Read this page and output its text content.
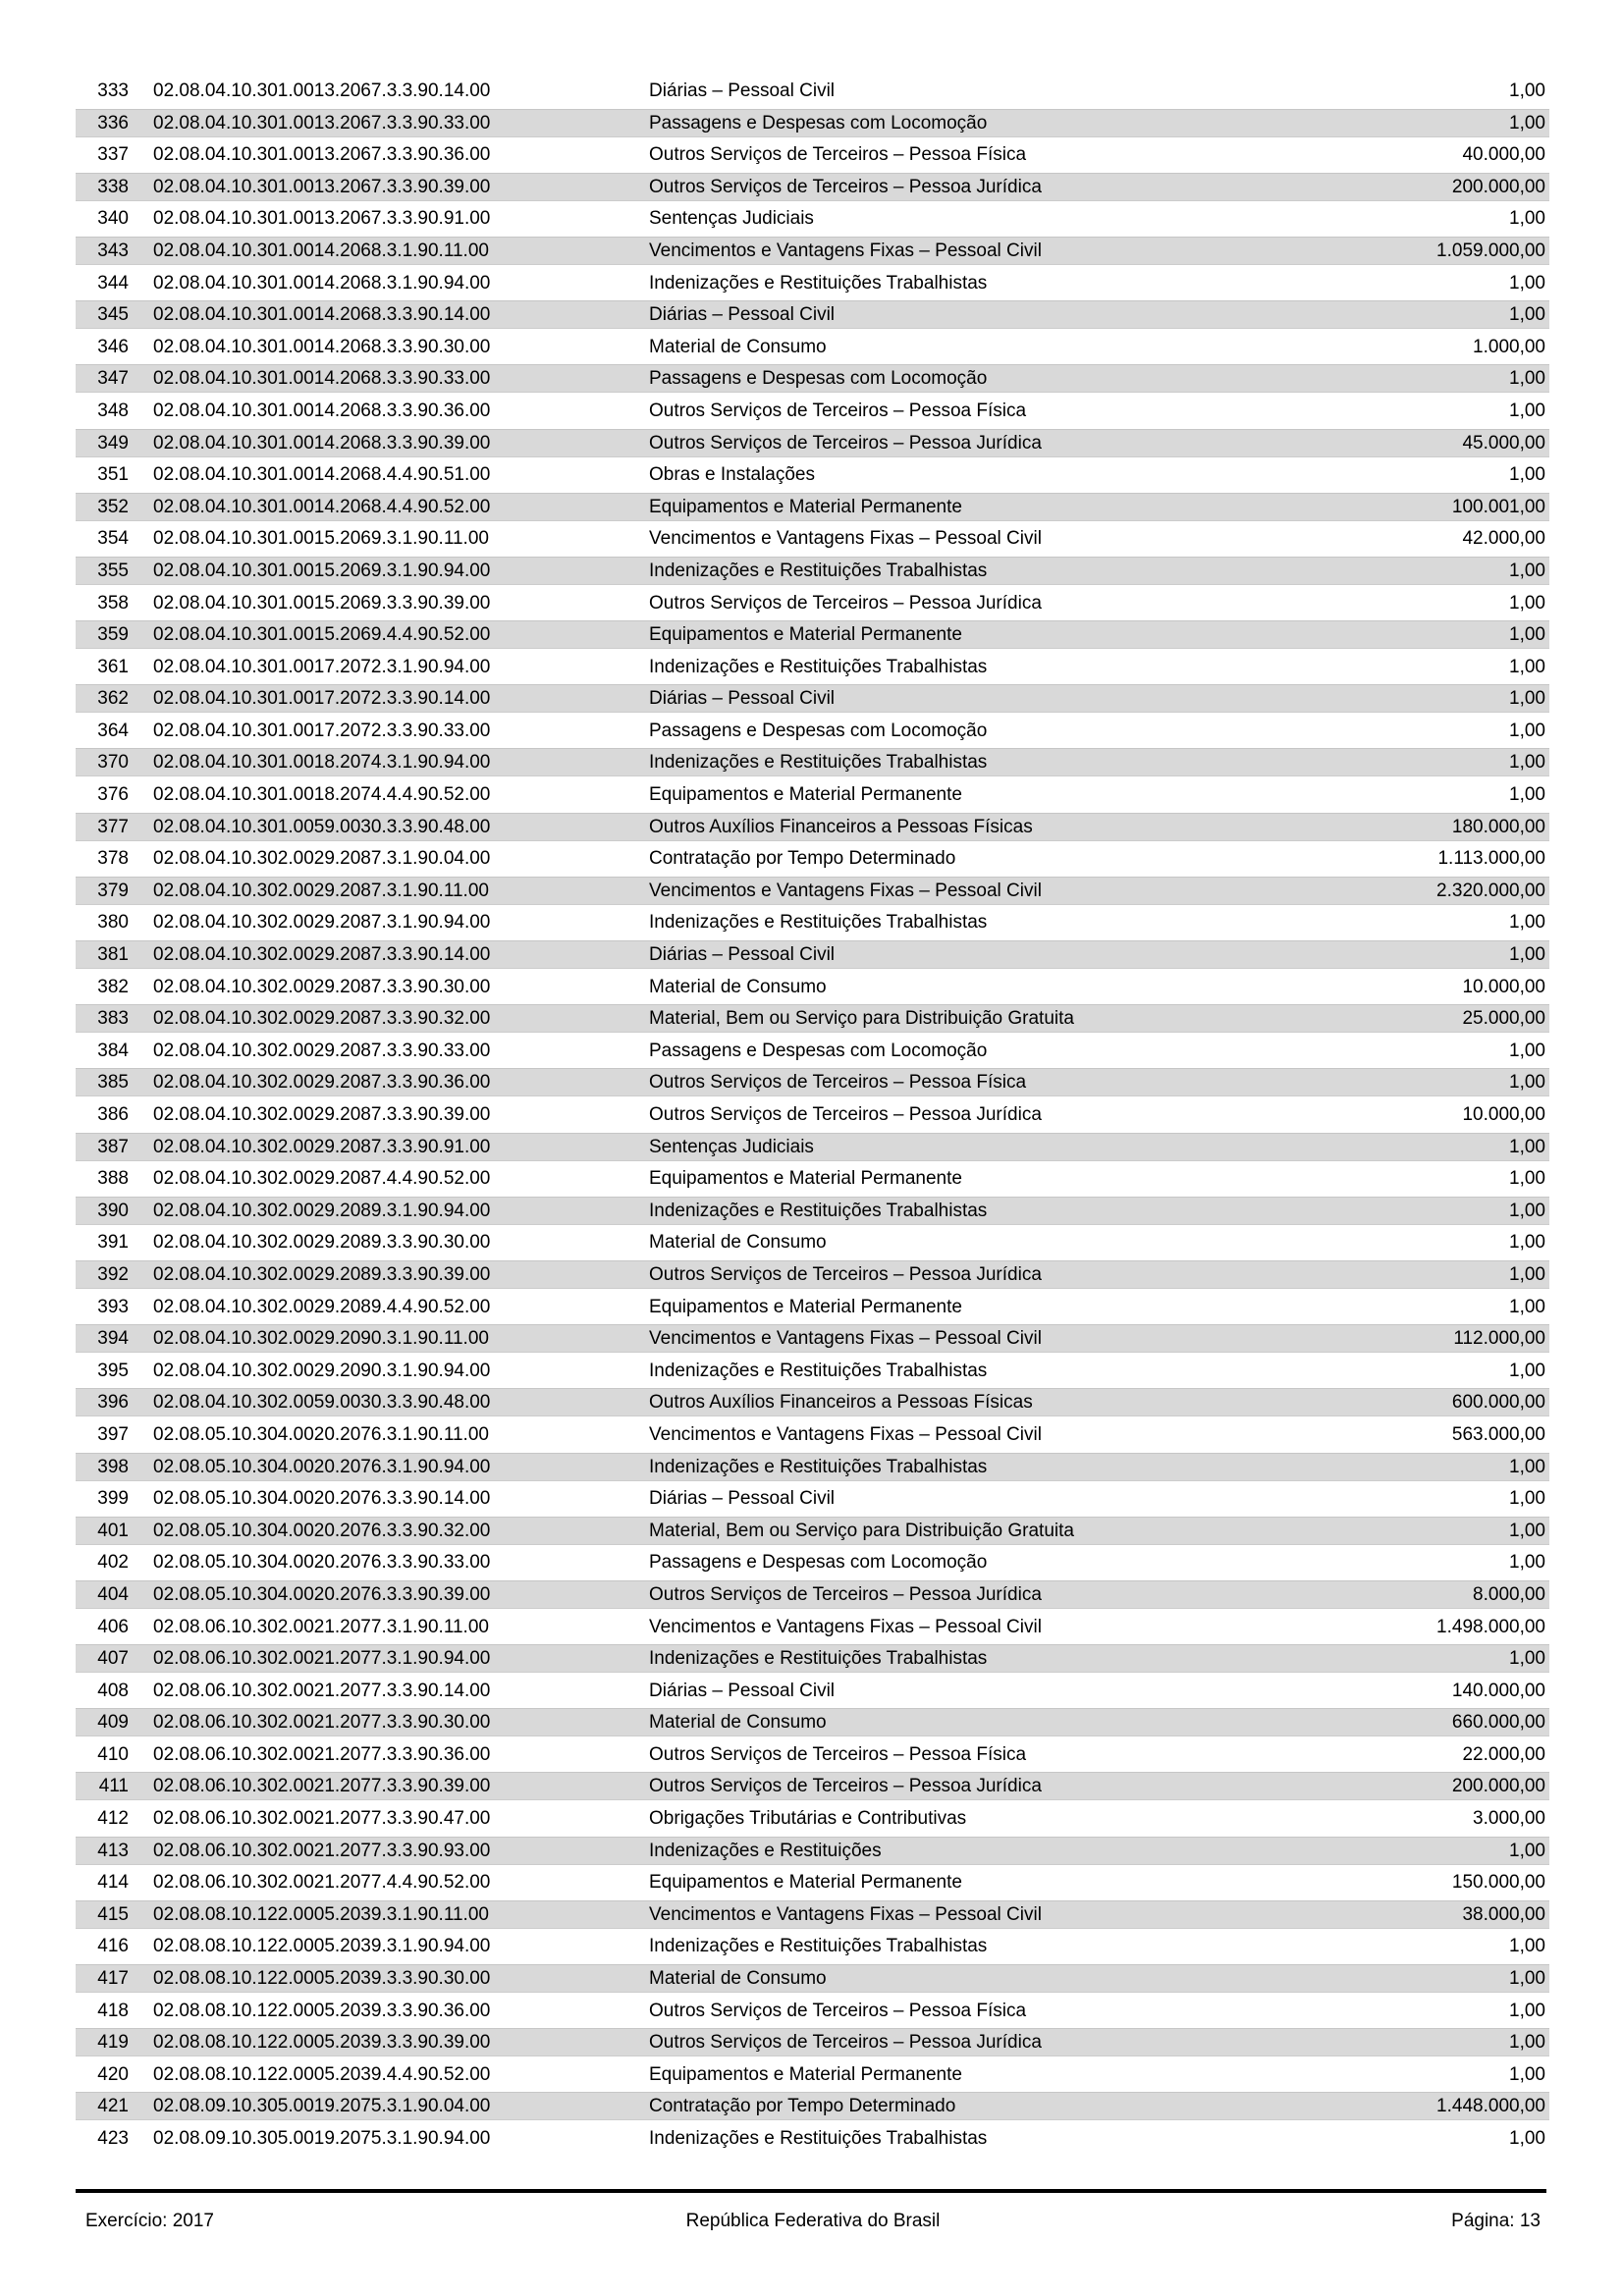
333 02.08.04.10.301.0013.2067.3.3.90.14.00	Diárias – Pessoal Civil	1,00
336 02.08.04.10.301.0013.2067.3.3.90.33.00	Passagens e Despesas com Locomoção	1,00
337 02.08.04.10.301.0013.2067.3.3.90.36.00	Outros Serviços de Terceiros – Pessoa Física	40.000,00
338 02.08.04.10.301.0013.2067.3.3.90.39.00	Outros Serviços de Terceiros – Pessoa Jurídica	200.000,00
340 02.08.04.10.301.0013.2067.3.3.90.91.00	Sentenças Judiciais	1,00
343 02.08.04.10.301.0014.2068.3.1.90.11.00	Vencimentos e Vantagens Fixas – Pessoal Civil	1.059.000,00
344 02.08.04.10.301.0014.2068.3.1.90.94.00	Indenizações e Restituições Trabalhistas	1,00
345 02.08.04.10.301.0014.2068.3.3.90.14.00	Diárias – Pessoal Civil	1,00
346 02.08.04.10.301.0014.2068.3.3.90.30.00	Material de Consumo	1.000,00
347 02.08.04.10.301.0014.2068.3.3.90.33.00	Passagens e Despesas com Locomoção	1,00
348 02.08.04.10.301.0014.2068.3.3.90.36.00	Outros Serviços de Terceiros – Pessoa Física	1,00
349 02.08.04.10.301.0014.2068.3.3.90.39.00	Outros Serviços de Terceiros – Pessoa Jurídica	45.000,00
351 02.08.04.10.301.0014.2068.4.4.90.51.00	Obras e Instalações	1,00
352 02.08.04.10.301.0014.2068.4.4.90.52.00	Equipamentos e Material Permanente	100.001,00
354 02.08.04.10.301.0015.2069.3.1.90.11.00	Vencimentos e Vantagens Fixas – Pessoal Civil	42.000,00
355 02.08.04.10.301.0015.2069.3.1.90.94.00	Indenizações e Restituições Trabalhistas	1,00
358 02.08.04.10.301.0015.2069.3.3.90.39.00	Outros Serviços de Terceiros – Pessoa Jurídica	1,00
359 02.08.04.10.301.0015.2069.4.4.90.52.00	Equipamentos e Material Permanente	1,00
361 02.08.04.10.301.0017.2072.3.1.90.94.00	Indenizações e Restituições Trabalhistas	1,00
362 02.08.04.10.301.0017.2072.3.3.90.14.00	Diárias – Pessoal Civil	1,00
364 02.08.04.10.301.0017.2072.3.3.90.33.00	Passagens e Despesas com Locomoção	1,00
370 02.08.04.10.301.0018.2074.3.1.90.94.00	Indenizações e Restituições Trabalhistas	1,00
376 02.08.04.10.301.0018.2074.4.4.90.52.00	Equipamentos e Material Permanente	1,00
377 02.08.04.10.301.0059.0030.3.3.90.48.00	Outros Auxílios Financeiros a Pessoas Físicas	180.000,00
378 02.08.04.10.302.0029.2087.3.1.90.04.00	Contratação por Tempo Determinado	1.113.000,00
379 02.08.04.10.302.0029.2087.3.1.90.11.00	Vencimentos e Vantagens Fixas – Pessoal Civil	2.320.000,00
380 02.08.04.10.302.0029.2087.3.1.90.94.00	Indenizações e Restituições Trabalhistas	1,00
381 02.08.04.10.302.0029.2087.3.3.90.14.00	Diárias – Pessoal Civil	1,00
382 02.08.04.10.302.0029.2087.3.3.90.30.00	Material de Consumo	10.000,00
383 02.08.04.10.302.0029.2087.3.3.90.32.00	Material, Bem ou Serviço para Distribuição Gratuita	25.000,00
384 02.08.04.10.302.0029.2087.3.3.90.33.00	Passagens e Despesas com Locomoção	1,00
385 02.08.04.10.302.0029.2087.3.3.90.36.00	Outros Serviços de Terceiros – Pessoa Física	1,00
386 02.08.04.10.302.0029.2087.3.3.90.39.00	Outros Serviços de Terceiros – Pessoa Jurídica	10.000,00
387 02.08.04.10.302.0029.2087.3.3.90.91.00	Sentenças Judiciais	1,00
388 02.08.04.10.302.0029.2087.4.4.90.52.00	Equipamentos e Material Permanente	1,00
390 02.08.04.10.302.0029.2089.3.1.90.94.00	Indenizações e Restituições Trabalhistas	1,00
391 02.08.04.10.302.0029.2089.3.3.90.30.00	Material de Consumo	1,00
392 02.08.04.10.302.0029.2089.3.3.90.39.00	Outros Serviços de Terceiros – Pessoa Jurídica	1,00
393 02.08.04.10.302.0029.2089.4.4.90.52.00	Equipamentos e Material Permanente	1,00
394 02.08.04.10.302.0029.2090.3.1.90.11.00	Vencimentos e Vantagens Fixas – Pessoal Civil	112.000,00
395 02.08.04.10.302.0029.2090.3.1.90.94.00	Indenizações e Restituições Trabalhistas	1,00
396 02.08.04.10.302.0059.0030.3.3.90.48.00	Outros Auxílios Financeiros a Pessoas Físicas	600.000,00
397 02.08.05.10.304.0020.2076.3.1.90.11.00	Vencimentos e Vantagens Fixas – Pessoal Civil	563.000,00
398 02.08.05.10.304.0020.2076.3.1.90.94.00	Indenizações e Restituições Trabalhistas	1,00
399 02.08.05.10.304.0020.2076.3.3.90.14.00	Diárias – Pessoal Civil	1,00
401 02.08.05.10.304.0020.2076.3.3.90.32.00	Material, Bem ou Serviço para Distribuição Gratuita	1,00
402 02.08.05.10.304.0020.2076.3.3.90.33.00	Passagens e Despesas com Locomoção	1,00
404 02.08.05.10.304.0020.2076.3.3.90.39.00	Outros Serviços de Terceiros – Pessoa Jurídica	8.000,00
406 02.08.06.10.302.0021.2077.3.1.90.11.00	Vencimentos e Vantagens Fixas – Pessoal Civil	1.498.000,00
407 02.08.06.10.302.0021.2077.3.1.90.94.00	Indenizações e Restituições Trabalhistas	1,00
408 02.08.06.10.302.0021.2077.3.3.90.14.00	Diárias – Pessoal Civil	140.000,00
409 02.08.06.10.302.0021.2077.3.3.90.30.00	Material de Consumo	660.000,00
410 02.08.06.10.302.0021.2077.3.3.90.36.00	Outros Serviços de Terceiros – Pessoa Física	22.000,00
411 02.08.06.10.302.0021.2077.3.3.90.39.00	Outros Serviços de Terceiros – Pessoa Jurídica	200.000,00
412 02.08.06.10.302.0021.2077.3.3.90.47.00	Obrigações Tributárias e Contributivas	3.000,00
413 02.08.06.10.302.0021.2077.3.3.90.93.00	Indenizações e Restituições	1,00
414 02.08.06.10.302.0021.2077.4.4.90.52.00	Equipamentos e Material Permanente	150.000,00
415 02.08.08.10.122.0005.2039.3.1.90.11.00	Vencimentos e Vantagens Fixas – Pessoal Civil	38.000,00
416 02.08.08.10.122.0005.2039.3.1.90.94.00	Indenizações e Restituições Trabalhistas	1,00
417 02.08.08.10.122.0005.2039.3.3.90.30.00	Material de Consumo	1,00
418 02.08.08.10.122.0005.2039.3.3.90.36.00	Outros Serviços de Terceiros – Pessoa Física	1,00
419 02.08.08.10.122.0005.2039.3.3.90.39.00	Outros Serviços de Terceiros – Pessoa Jurídica	1,00
420 02.08.08.10.122.0005.2039.4.4.90.52.00	Equipamentos e Material Permanente	1,00
421 02.08.09.10.305.0019.2075.3.1.90.04.00	Contratação por Tempo Determinado	1.448.000,00
423 02.08.09.10.305.0019.2075.3.1.90.94.00	Indenizações e Restituições Trabalhistas	1,00
Exercício: 2017	República Federativa do Brasil	Página: 13
